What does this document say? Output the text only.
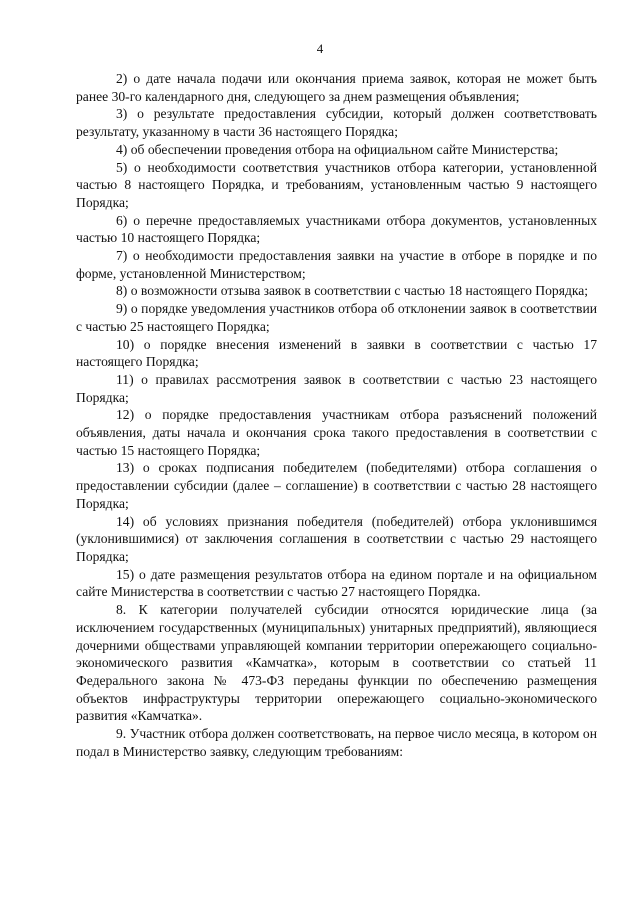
4

2) о дате начала подачи или окончания приема заявок, которая не может быть ранее 30-го календарного дня, следующего за днем размещения объявления;

3) о результате предоставления субсидии, который должен соответствовать результату, указанному в части 36 настоящего Порядка;

4) об обеспечении проведения отбора на официальном сайте Министерства;

5) о необходимости соответствия участников отбора категории, установленной частью 8 настоящего Порядка, и требованиям, установленным частью 9 настоящего Порядка;

6) о перечне предоставляемых участниками отбора документов, установленных частью 10 настоящего Порядка;

7) о необходимости предоставления заявки на участие в отборе в порядке и по форме, установленной Министерством;

8) о возможности отзыва заявок в соответствии с частью 18 настоящего Порядка;

9) о порядке уведомления участников отбора об отклонении заявок в соответствии с частью 25 настоящего Порядка;

10) о порядке внесения изменений в заявки в соответствии с частью 17 настоящего Порядка;

11) о правилах рассмотрения заявок в соответствии с частью 23 настоящего Порядка;

12) о порядке предоставления участникам отбора разъяснений положений объявления, даты начала и окончания срока такого предоставления в соответствии с частью 15 настоящего Порядка;

13) о сроках подписания победителем (победителями) отбора соглашения о предоставлении субсидии (далее – соглашение) в соответствии с частью 28 настоящего Порядка;

14) об условиях признания победителя (победителей) отбора уклонившимся (уклонившимися) от заключения соглашения в соответствии с частью 29 настоящего Порядка;

15) о дате размещения результатов отбора на едином портале и на официальном сайте Министерства в соответствии с частью 27 настоящего Порядка.

8. К категории получателей субсидии относятся юридические лица (за исключением государственных (муниципальных) унитарных предприятий), являющиеся дочерними обществами управляющей компании территории опережающего социально-экономического развития «Камчатка», которым в соответствии со статьей 11 Федерального закона № 473-ФЗ переданы функции по обеспечению размещения объектов инфраструктуры территории опережающего социально-экономического развития «Камчатка».

9. Участник отбора должен соответствовать, на первое число месяца, в котором он подал в Министерство заявку, следующим требованиям:
